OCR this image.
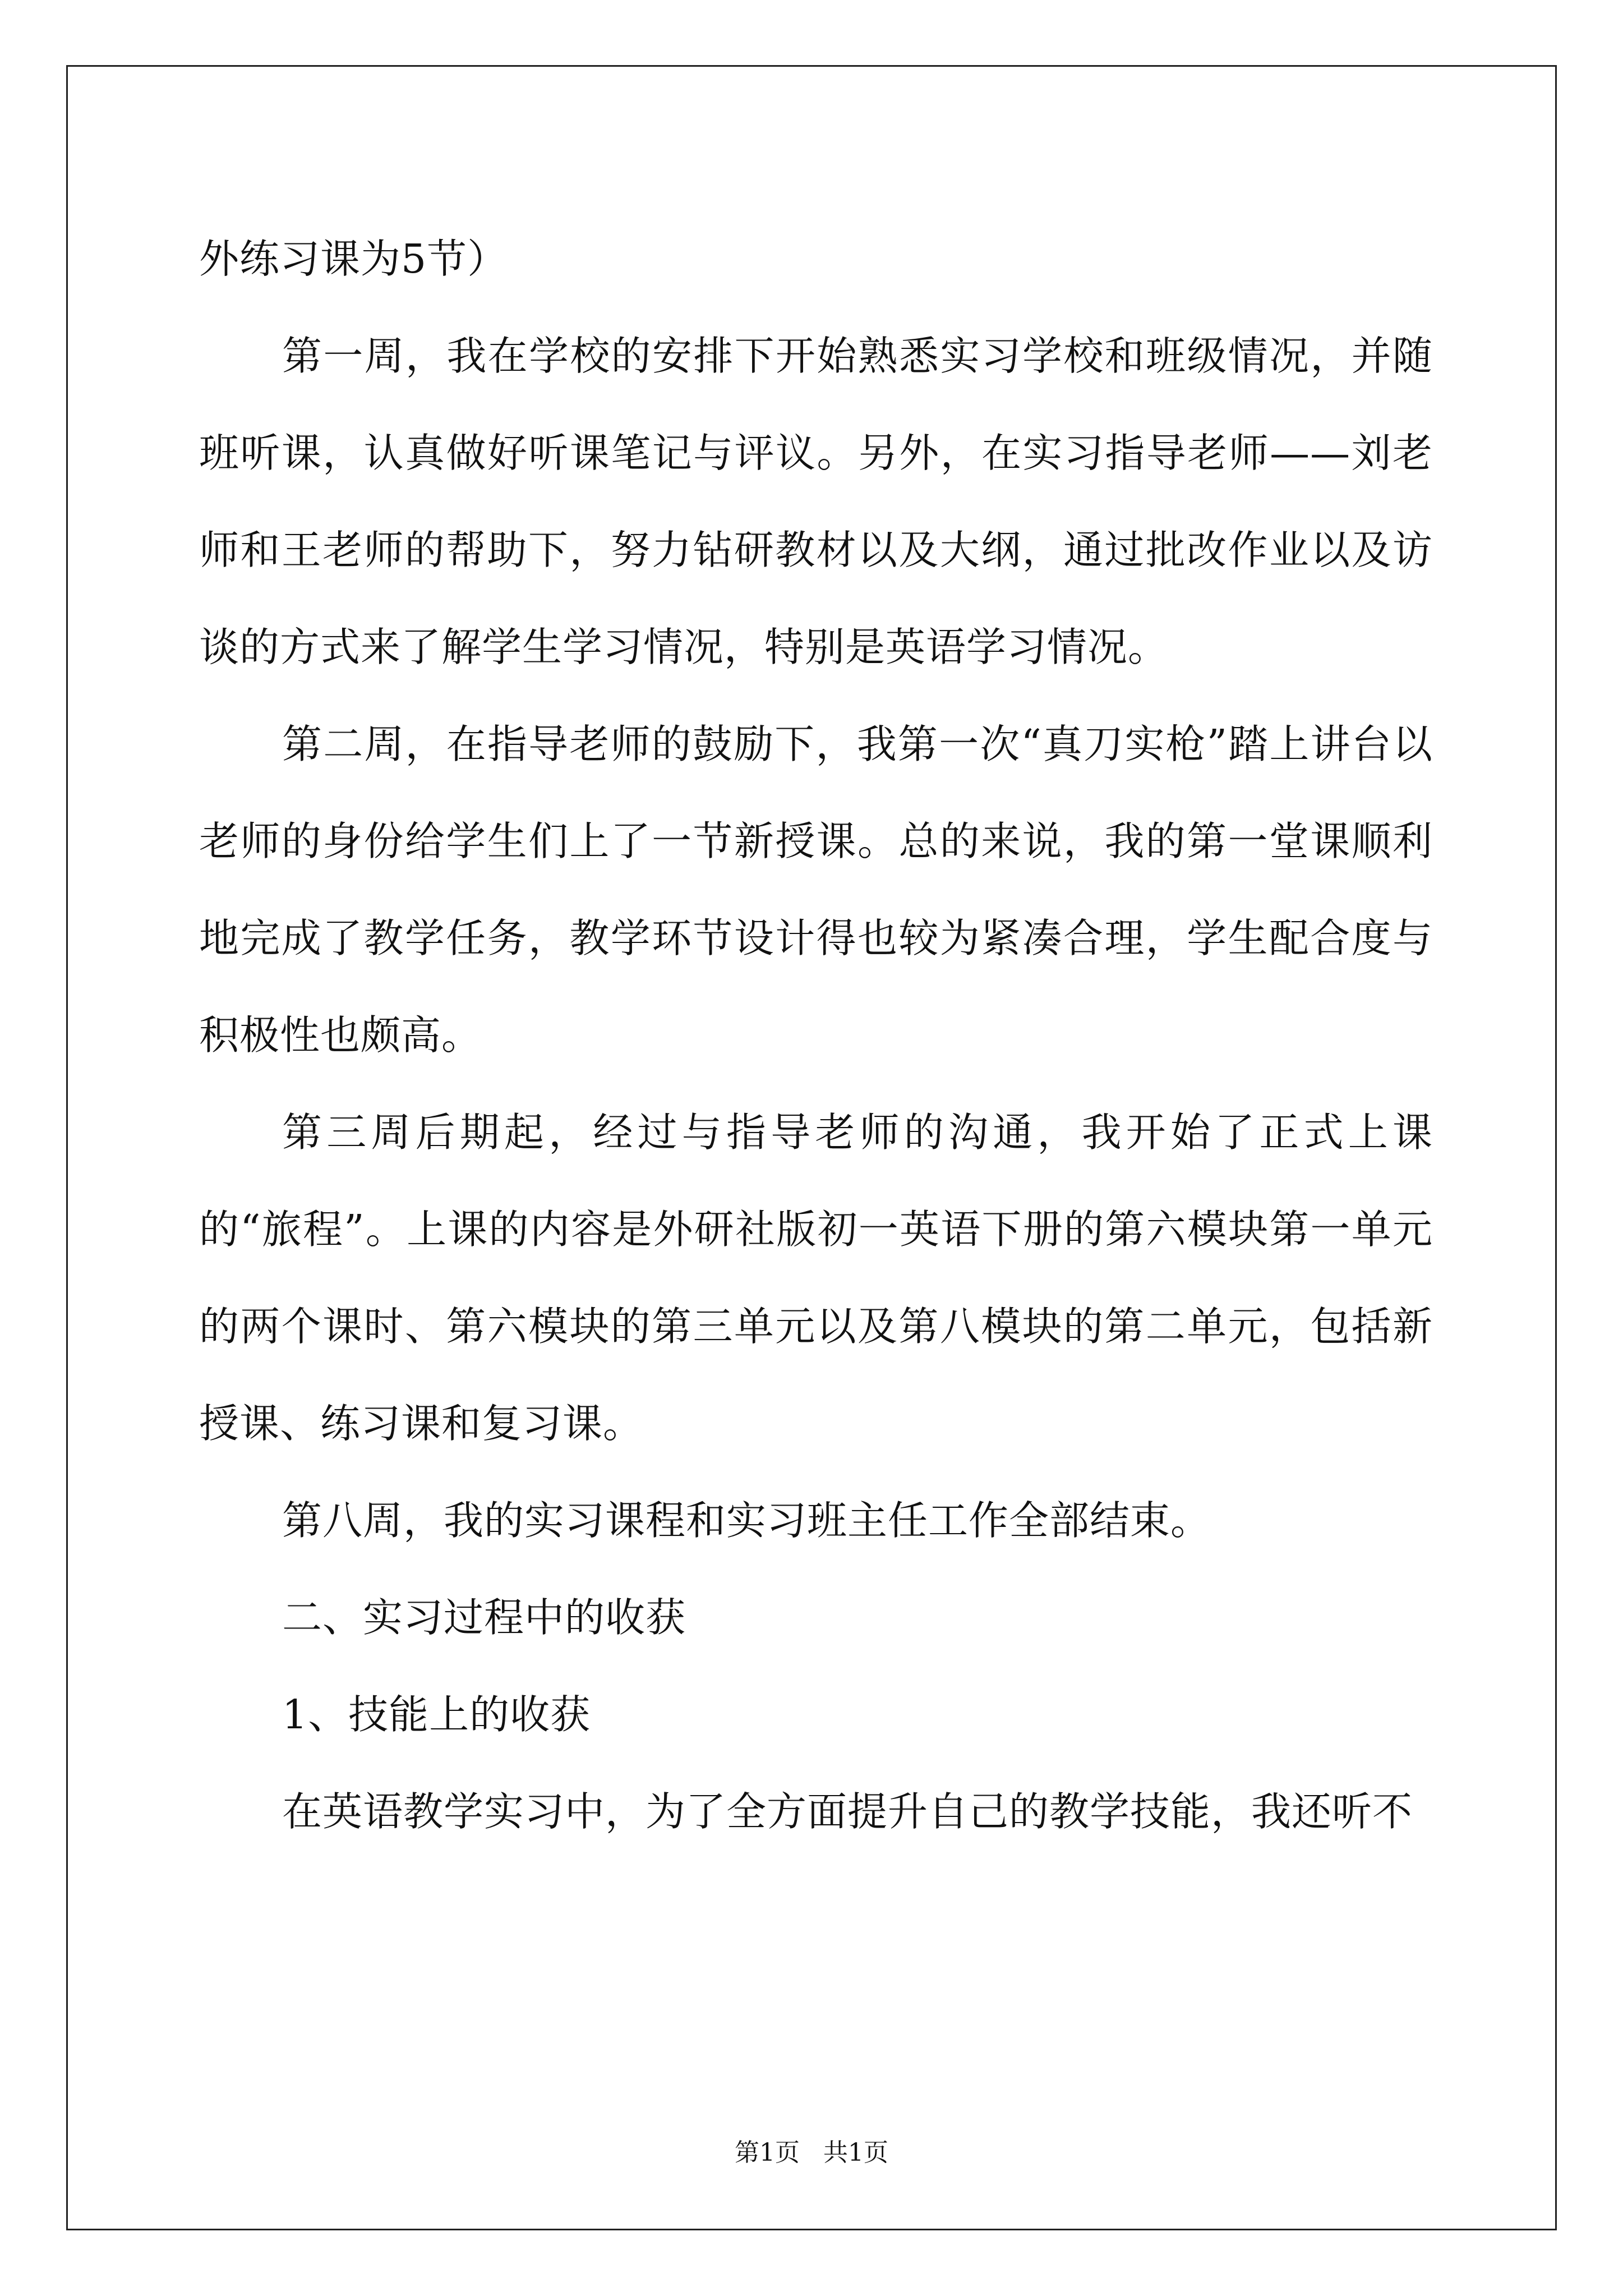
外练习课为5节）

第一周，我在学校的安排下开始熟悉实习学校和班级情况，并随班听课，认真做好听课笔记与评议。另外，在实习指导老师——刘老师和王老师的帮助下，努力钻研教材以及大纲，通过批改作业以及访谈的方式来了解学生学习情况，特别是英语学习情况。

第二周，在指导老师的鼓励下，我第一次“真刀实枪”踏上讲台以老师的身份给学生们上了一节新授课。总的来说，我的第一堂课顺利地完成了教学任务，教学环节设计得也较为紧凑合理，学生配合度与积极性也颇高。

第三周后期起，经过与指导老师的沟通，我开始了正式上课的“旅程”。上课的内容是外研社版初一英语下册的第六模块第一单元的两个课时、第六模块的第三单元以及第八模块的第二单元，包括新授课、练习课和复习课。

第八周，我的实习课程和实习班主任工作全部结束。

二、实习过程中的收获

1、技能上的收获

在英语教学实习中，为了全方面提升自己的教学技能，我还听不

第1页 共1页
